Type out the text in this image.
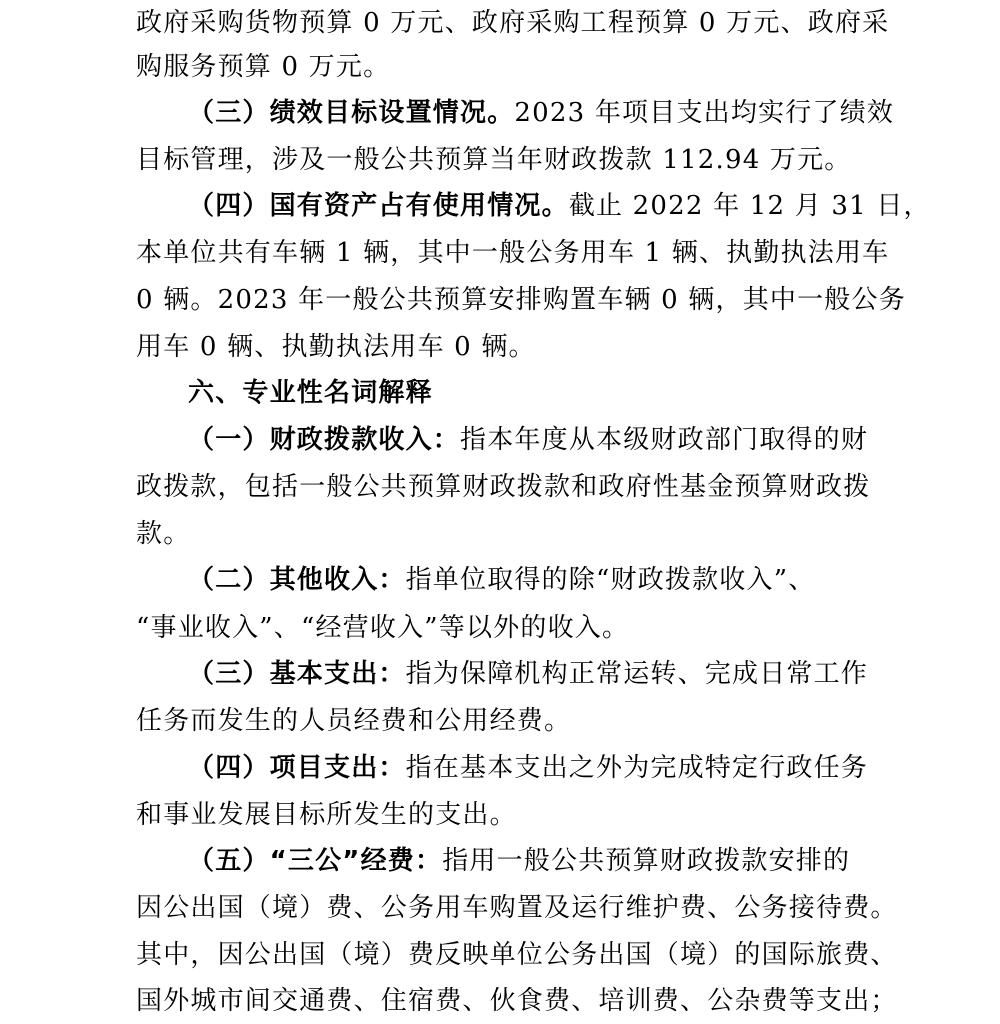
政府采购货物预算 0 万元、政府采购工程预算 0 万元、政府采
购服务预算 0 万元。
（三）绩效目标设置情况。2023 年项目支出均实行了绩效
目标管理，涉及一般公共预算当年财政拨款 112.94 万元。
（四）国有资产占有使用情况。截止 2022 年 12 月 31 日，
本单位共有车辆 1 辆，其中一般公务用车 1 辆、执勤执法用车
0 辆。2023 年一般公共预算安排购置车辆 0 辆，其中一般公务
用车 0 辆、执勤执法用车 0 辆。
六、专业性名词解释
（一）财政拨款收入：指本年度从本级财政部门取得的财
政拨款，包括一般公共预算财政拨款和政府性基金预算财政拨
款。
（二）其他收入：指单位取得的除“财政拨款收入”、
“事业收入”、“经营收入”等以外的收入。
（三）基本支出：指为保障机构正常运转、完成日常工作
任务而发生的人员经费和公用经费。
（四）项目支出：指在基本支出之外为完成特定行政任务
和事业发展目标所发生的支出。
（五）“三公”经费：指用一般公共预算财政拨款安排的
因公出国（境）费、公务用车购置及运行维护费、公务接待费。
其中，因公出国（境）费反映单位公务出国（境）的国际旅费、
国外城市间交通费、住宿费、伙食费、培训费、公杂费等支出；
